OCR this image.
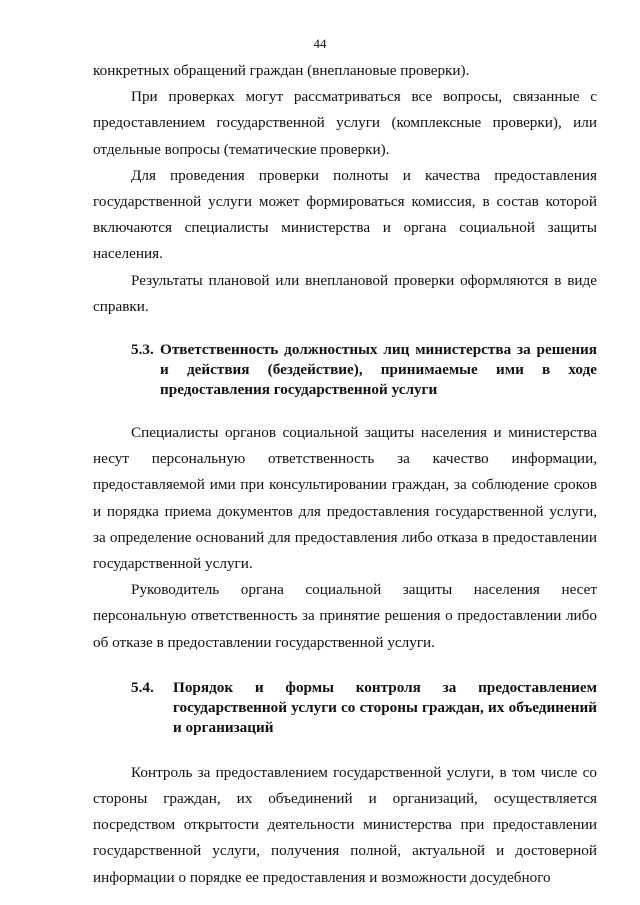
44

конкретных обращений граждан (внеплановые проверки).

При проверках могут рассматриваться все вопросы, связанные с предоставлением государственной услуги (комплексные проверки), или отдельные вопросы (тематические проверки).

Для проведения проверки полноты и качества предоставления государственной услуги может формироваться комиссия, в состав которой включаются специалисты министерства и органа социальной защиты населения.

Результаты плановой или внеплановой проверки оформляются в виде справки.

5.3. Ответственность должностных лиц министерства за решения и действия (бездействие), принимаемые ими в ходе предоставления государственной услуги

Специалисты органов социальной защиты населения и министерства несут персональную ответственность за качество информации, предоставляемой ими при консультировании граждан, за соблюдение сроков и порядка приема документов для предоставления государственной услуги, за определение оснований для предоставления либо отказа в предоставлении государственной услуги.

Руководитель органа социальной защиты населения несет персональную ответственность за принятие решения о предоставлении либо об отказе в предоставлении государственной услуги.

5.4.	Порядок и формы контроля за предоставлением государственной услуги со стороны граждан, их объединений и организаций

Контроль за предоставлением государственной услуги, в том числе со стороны граждан, их объединений и организаций, осуществляется посредством открытости деятельности министерства при предоставлении государственной услуги, получения полной, актуальной и достоверной информации о порядке ее предоставления и возможности досудебного
